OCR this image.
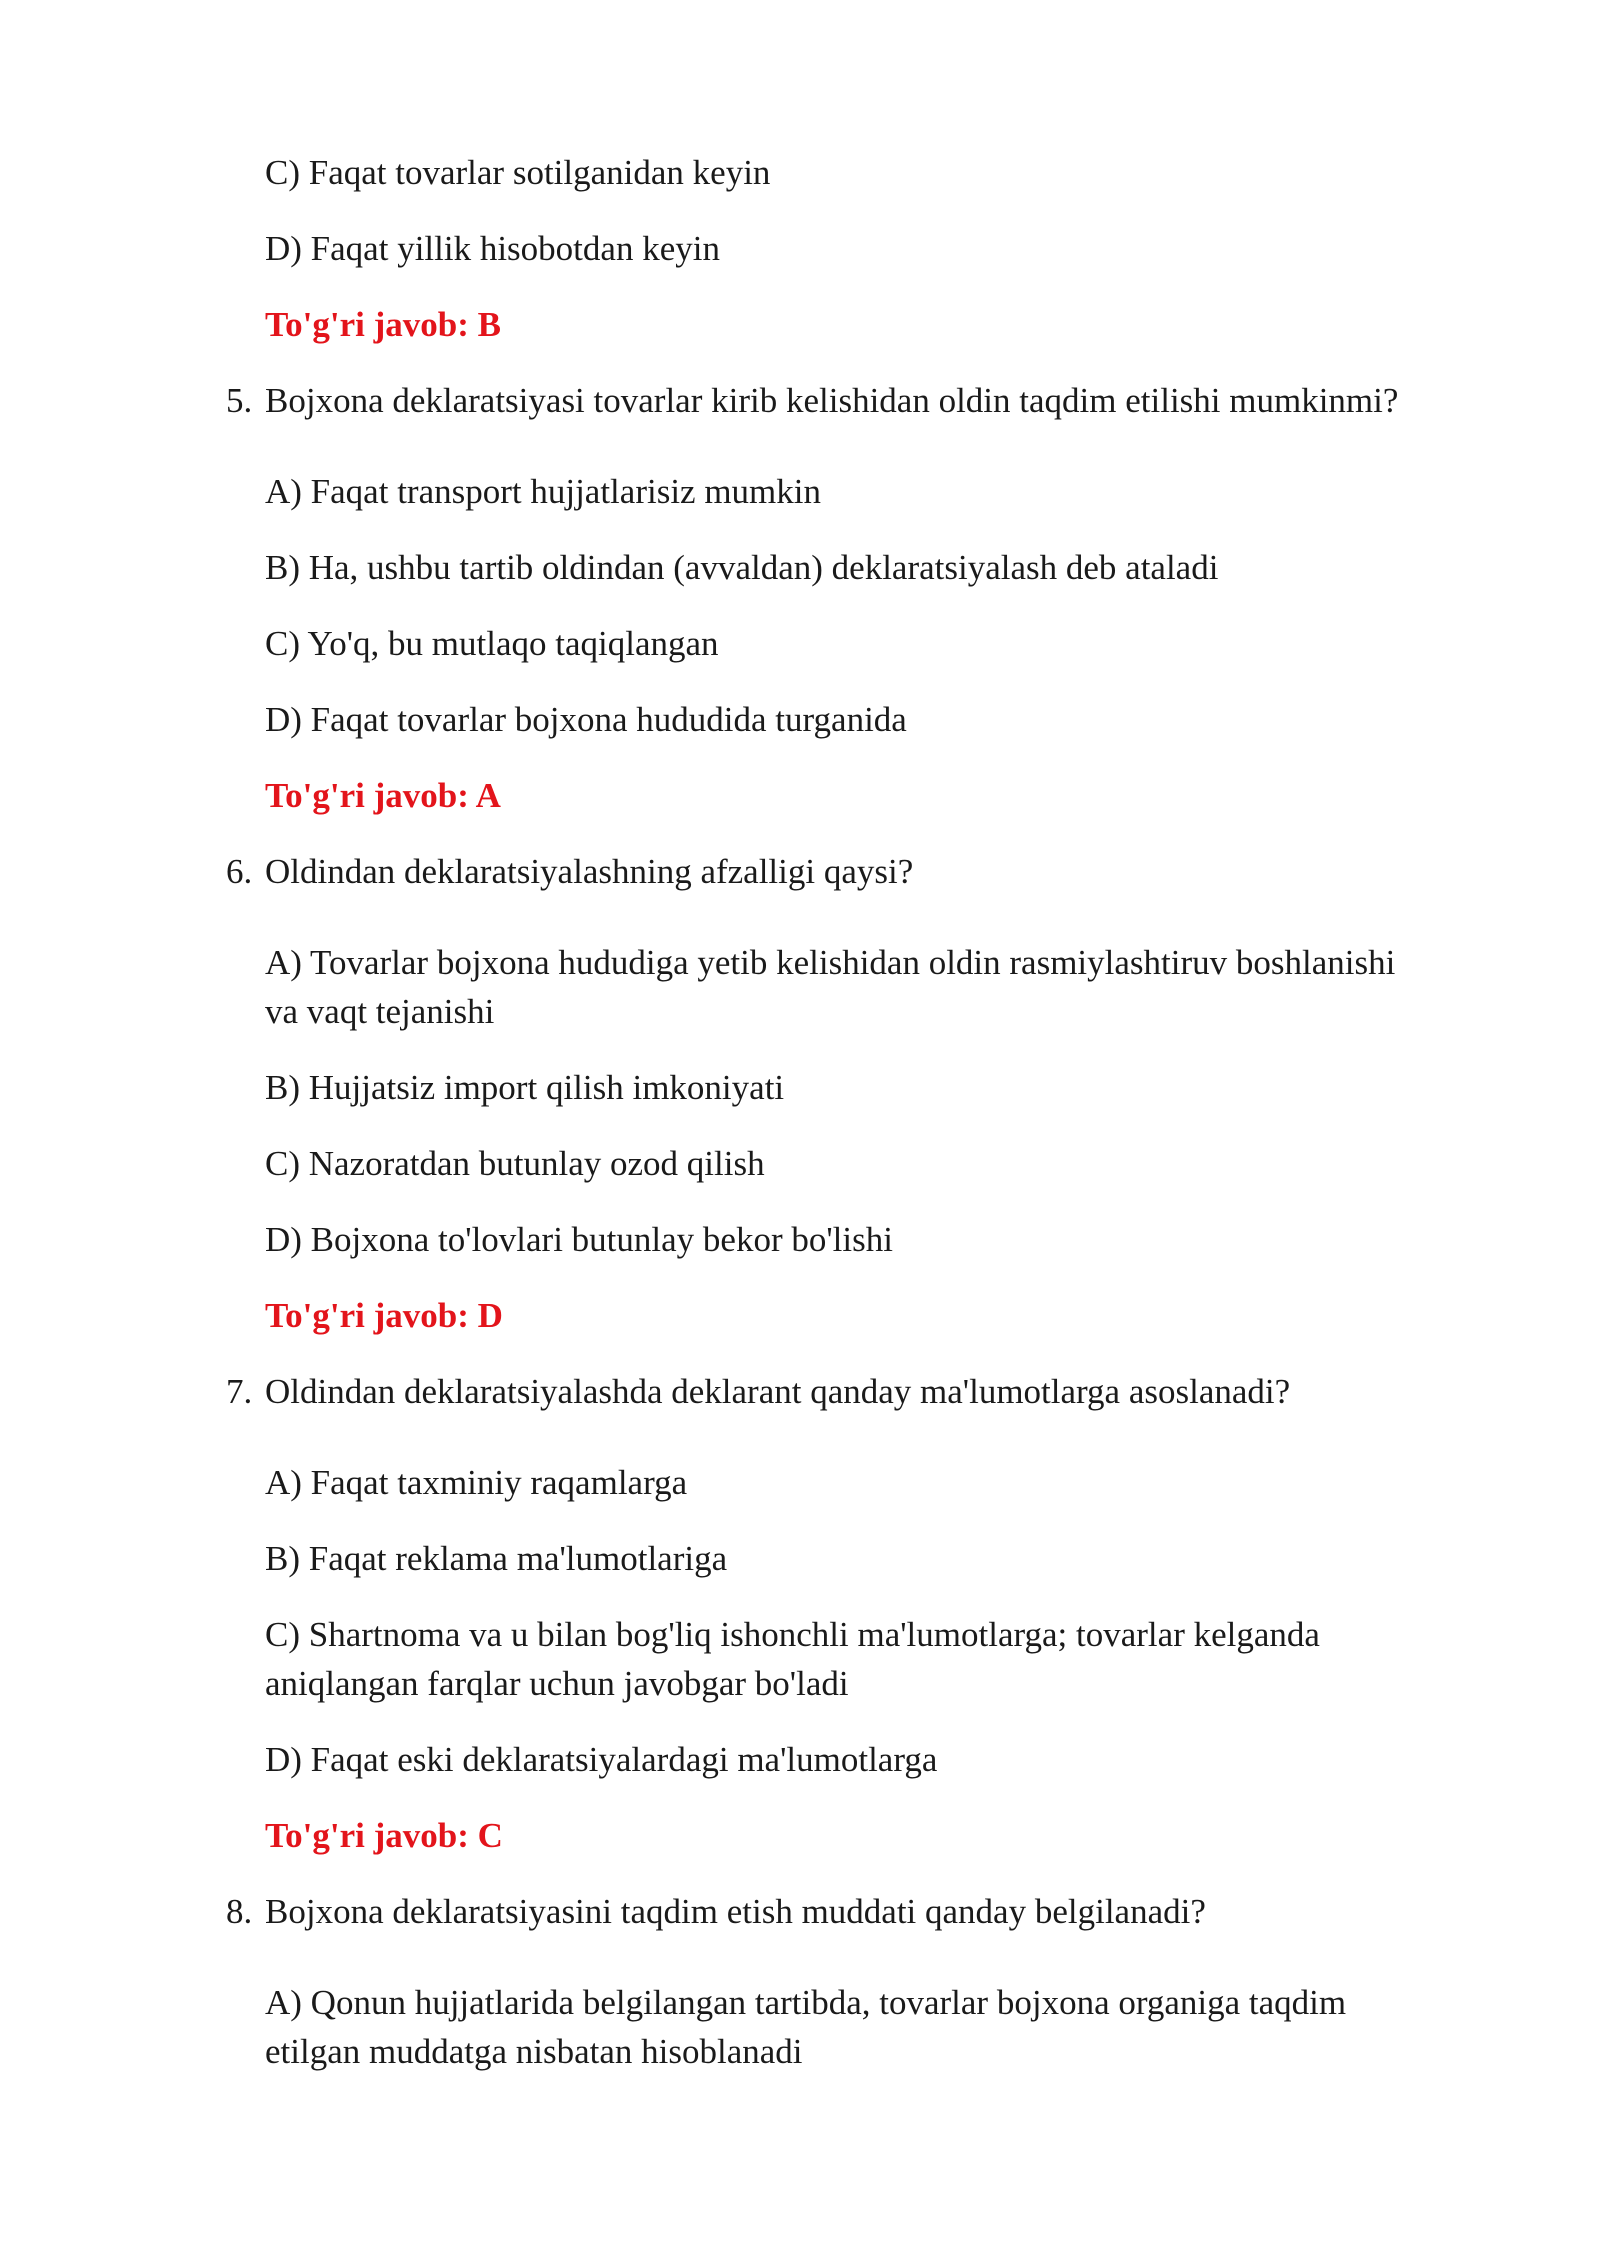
C) Faqat tovarlar sotilganidan keyin

D) Faqat yillik hisobotdan keyin

To'g'ri javob: B

5. Bojxona deklaratsiyasi tovarlar kirib kelishidan oldin taqdim etilishi mumkinmi?

A) Faqat transport hujjatlarisiz mumkin

B) Ha, ushbu tartib oldindan (avvaldan) deklaratsiyalash deb ataladi

C) Yo'q, bu mutlaqo taqiqlangan

D) Faqat tovarlar bojxona hududida turganida

To'g'ri javob: A

6. Oldindan deklaratsiyalashning afzalligi qaysi?

A) Tovarlar bojxona hududiga yetib kelishidan oldin rasmiylashtiruv boshlanishi

va vaqt tejanishi

B) Hujjatsiz import qilish imkoniyati

C) Nazoratdan butunlay ozod qilish

D) Bojxona to'lovlari butunlay bekor bo'lishi

To'g'ri javob: D

7. Oldindan deklaratsiyalashda deklarant qanday ma'lumotlarga asoslanadi?

A) Faqat taxminiy raqamlarga

B) Faqat reklama ma'lumotlariga

C) Shartnoma va u bilan bog'liq ishonchli ma'lumotlarga; tovarlar kelganda

aniqlangan farqlar uchun javobgar bo'ladi

D) Faqat eski deklaratsiyalardagi ma'lumotlarga

To'g'ri javob: C

8. Bojxona deklaratsiyasini taqdim etish muddati qanday belgilanadi?

A) Qonun hujjatlarida belgilangan tartibda, tovarlar bojxona organiga taqdim

etilgan muddatga nisbatan hisoblanadi
